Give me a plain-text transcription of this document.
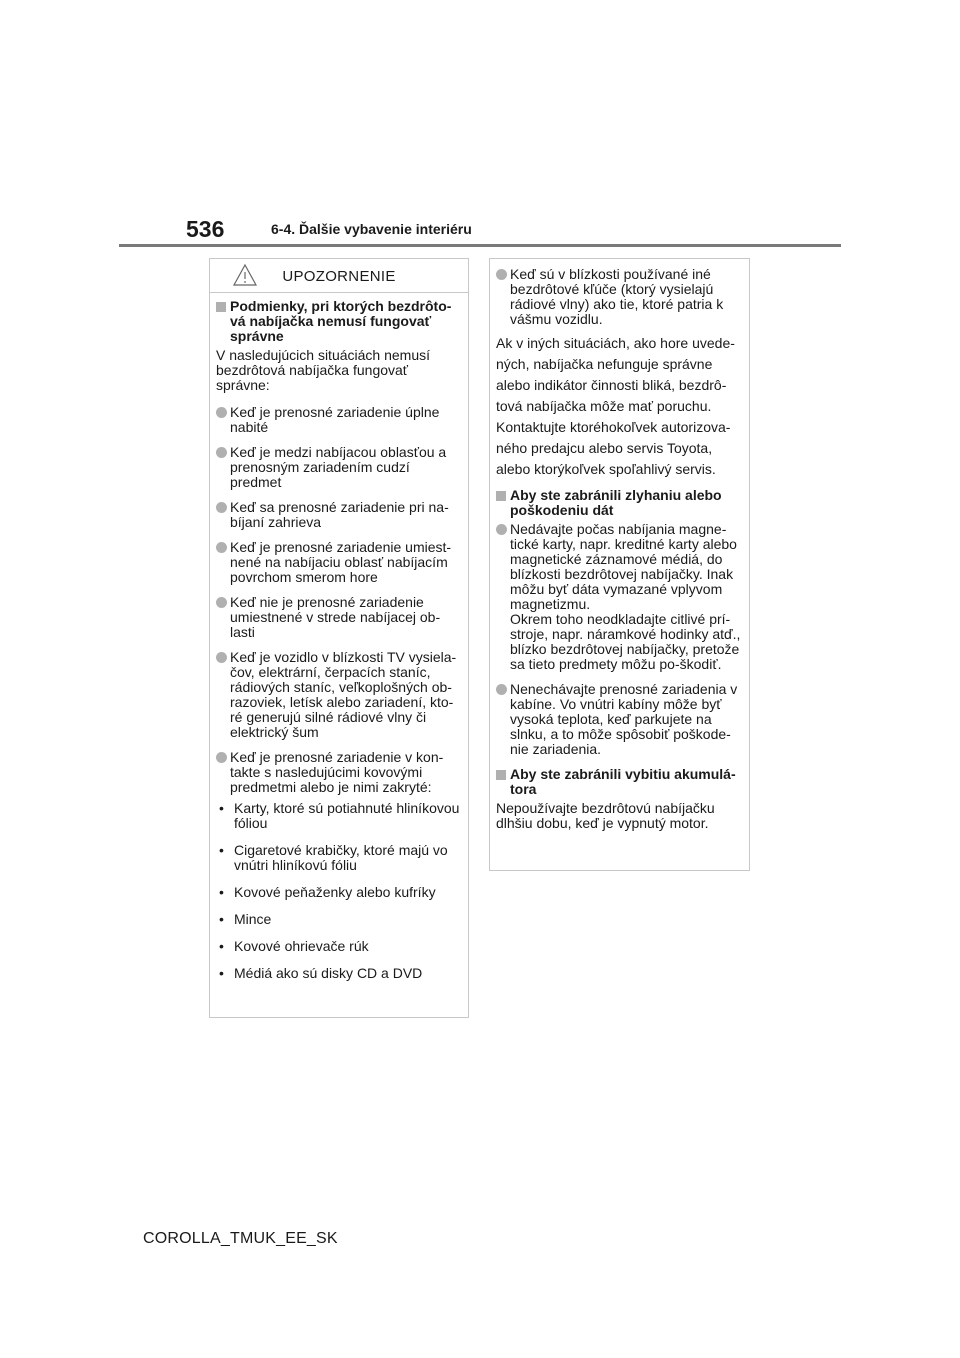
536	6-4. Ďalšie vybavenie interiéru
UPOZORNENIE
Podmienky, pri ktorých bezdrôto-vá nabíjačka nemusí fungovať správne
V nasledujúcich situáciách nemusí bezdrôtová nabíjačka fungovať správne:
Keď je prenosné zariadenie úplne nabité
Keď je medzi nabíjacou oblasťou a prenosným zariadením cudzí predmet
Keď sa prenosné zariadenie pri na-bíjaní zahrieva
Keď je prenosné zariadenie umiest-nené na nabíjaciu oblasť nabíjacím povrchom smerom hore
Keď nie je prenosné zariadenie umiestnené v strede nabíjacej ob-lasti
Keď je vozidlo v blízkosti TV vysiela-čov, elektrární, čerpacích staníc, rádiových staníc, veľkoplošných ob-razoviek, letísk alebo zariadení, kto-ré generujú silné rádiové vlny či elektrický šum
Keď je prenosné zariadenie v kon-takte s nasledujúcimi kovovými predmetmi alebo je nimi zakryté:
• Karty, ktoré sú potiahnuté hliníkovou fóliou
• Cigaretové krabičky, ktoré majú vo vnútri hliníkovú fóliu
• Kovové peňaženky alebo kufríky
• Mince
• Kovové ohrievače rúk
• Médiá ako sú disky CD a DVD
Keď sú v blízkosti používané iné bezdrôtové kľúče (ktorý vysielajú rádiové vlny) ako tie, ktoré patria k vášmu vozidlu.
Ak v iných situáciách, ako hore uvede-ných, nabíjačka nefunguje správne alebo indikátor činnosti bliká, bezdrô-tová nabíjačka môže mať poruchu. Kontaktujte ktoréhokoľvek autorizova-ného predajcu alebo servis Toyota, alebo ktorýkoľvek spoľahlivý servis.
Aby ste zabránili zlyhaniu alebo poškodeniu dát
Nedávajte počas nabíjania magne-tické karty, napr. kreditné karty alebo magnetické záznamové médiá, do blízkosti bezdrôtovej nabíjačky. Inak môžu byť dáta vymazané vplyvom magnetizmu.
Okrem toho neodkladajte citlivé prí-stroje, napr. náramkové hodinky atď., blízko bezdrôtovej nabíjačky, pretože sa tieto predmety môžu po-škodiť.
Nenechávajte prenosné zariadenia v kabíne. Vo vnútri kabíny môže byť vysoká teplota, keď parkujete na slnku, a to môže spôsobiť poškode-nie zariadenia.
Aby ste zabránili vybitiu akumulá-tora
Nepoužívajte bezdrôtovú nabíjačku dlhšiu dobu, keď je vypnutý motor.
COROLLA_TMUK_EE_SK
